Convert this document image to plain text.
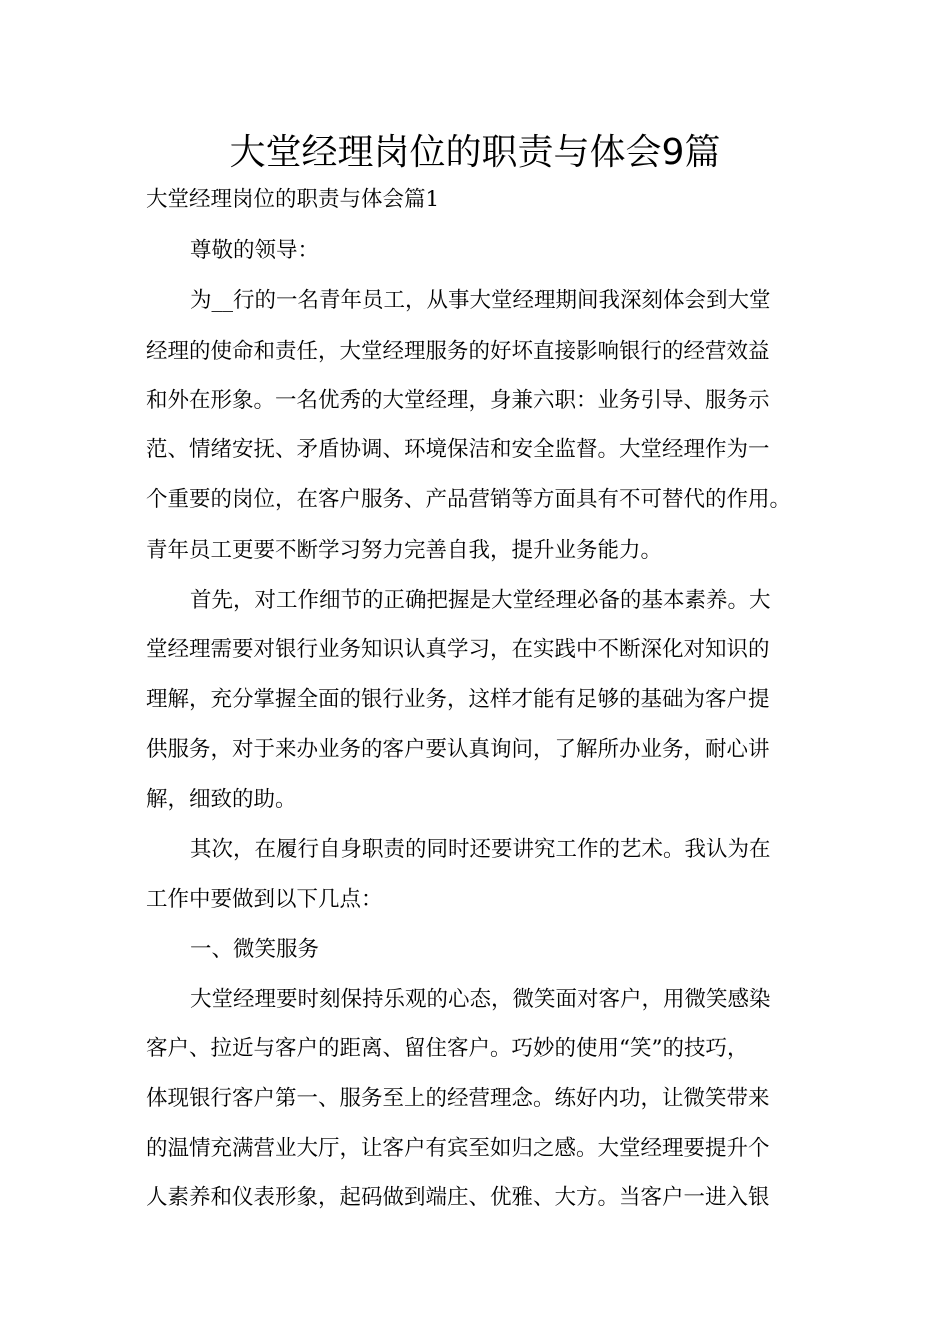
大堂经理岗位的职责与体会9篇
大堂经理岗位的职责与体会篇1
尊敬的领导：
为__行的一名青年员工，从事大堂经理期间我深刻体会到大堂
经理的使命和责任，大堂经理服务的好坏直接影响银行的经营效益
和外在形象。一名优秀的大堂经理，身兼六职：业务引导、服务示
范、情绪安抚、矛盾协调、环境保洁和安全监督。大堂经理作为一
个重要的岗位，在客户服务、产品营销等方面具有不可替代的作用。
青年员工更要不断学习努力完善自我，提升业务能力。
首先，对工作细节的正确把握是大堂经理必备的基本素养。大
堂经理需要对银行业务知识认真学习，在实践中不断深化对知识的
理解，充分掌握全面的银行业务，这样才能有足够的基础为客户提
供服务，对于来办业务的客户要认真询问，了解所办业务，耐心讲
解，细致的助。
其次，在履行自身职责的同时还要讲究工作的艺术。我认为在
工作中要做到以下几点：
一、微笑服务
大堂经理要时刻保持乐观的心态，微笑面对客户，用微笑感染
客户、拉近与客户的距离、留住客户。巧妙的使用“笑”的技巧，
体现银行客户第一、服务至上的经营理念。练好内功，让微笑带来
的温情充满营业大厅，让客户有宾至如归之感。大堂经理要提升个
人素养和仪表形象，起码做到端庄、优雅、大方。当客户一进入银
